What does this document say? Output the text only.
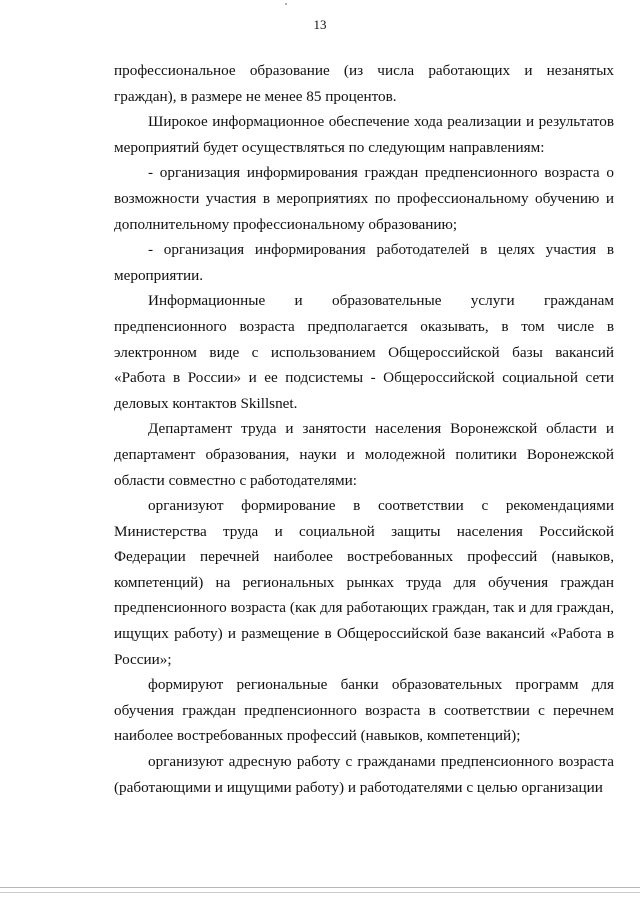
13

профессиональное образование (из числа работающих и незанятых граждан), в размере не менее 85 процентов.

Широкое информационное обеспечение хода реализации и результатов мероприятий будет осуществляться по следующим направлениям:

- организация информирования граждан предпенсионного возраста о возможности участия в мероприятиях по профессиональному обучению и дополнительному профессиональному образованию;

- организация информирования работодателей в целях участия в мероприятии.

Информационные и образовательные услуги гражданам предпенсионного возраста предполагается оказывать, в том числе в электронном виде с использованием Общероссийской базы вакансий «Работа в России» и ее подсистемы - Общероссийской социальной сети деловых контактов Skillsnet.

Департамент труда и занятости населения Воронежской области и департамент образования, науки и молодежной политики Воронежской области совместно с работодателями:

организуют формирование в соответствии с рекомендациями Министерства труда и социальной защиты населения Российской Федерации перечней наиболее востребованных профессий (навыков, компетенций) на региональных рынках труда для обучения граждан предпенсионного возраста (как для работающих граждан, так и для граждан, ищущих работу) и размещение в Общероссийской базе вакансий «Работа в России»;

формируют региональные банки образовательных программ для обучения граждан предпенсионного возраста в соответствии с перечнем наиболее востребованных профессий (навыков, компетенций);

организуют адресную работу с гражданами предпенсионного возраста (работающими и ищущими работу) и работодателями с целью организации
